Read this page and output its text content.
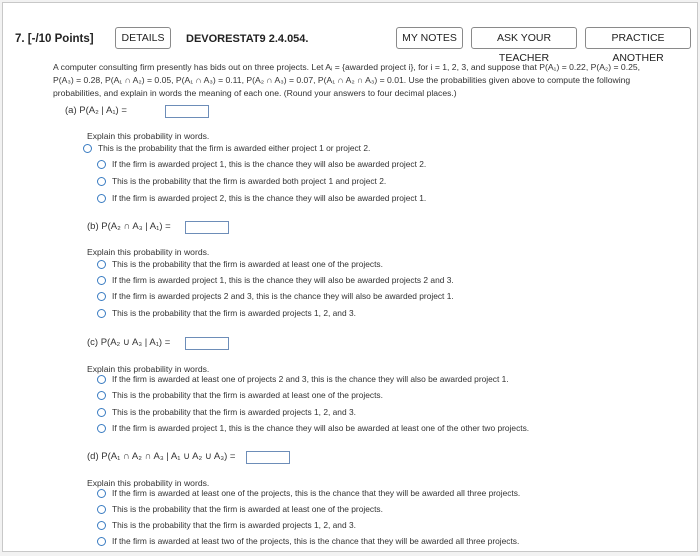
7. [-/10 Points]	DETAILS	DEVORESTAT9 2.4.054.	MY NOTES	ASK YOUR TEACHER
PRACTICE ANOTHER
A computer consulting firm presently has bids out on three projects. Let Aᵢ = {awarded project i}, for i = 1, 2, 3, and suppose that P(A₁) = 0.22, P(A₂) = 0.25,
P(A₃) = 0.28, P(A₁ ∩ A₂) = 0.05, P(A₁ ∩ A₃) = 0.11, P(A₂ ∩ A₃) = 0.07, P(A₁ ∩ A₂ ∩ A₃) = 0.01. Use the probabilities given above to compute the following
probabilities, and explain in words the meaning of each one. (Round your answers to four decimal places.)
(a) P(A₂ | A₁) =
Explain this probability in words.
This is the probability that the firm is awarded either project 1 or project 2.
If the firm is awarded project 1, this is the chance they will also be awarded project 2.
This is the probability that the firm is awarded both project 1 and project 2.
If the firm is awarded project 2, this is the chance they will also be awarded project 1.
(b) P(A₂ ∩ A₃ | A₁) =
Explain this probability in words.
This is the probability that the firm is awarded at least one of the projects.
If the firm is awarded project 1, this is the chance they will also be awarded projects 2 and 3.
If the firm is awarded projects 2 and 3, this is the chance they will also be awarded project 1.
This is the probability that the firm is awarded projects 1, 2, and 3.
(c) P(A₂ ∪ A₃ | A₁) =
Explain this probability in words.
If the firm is awarded at least one of projects 2 and 3, this is the chance they will also be awarded project 1.
This is the probability that the firm is awarded at least one of the projects.
This is the probability that the firm is awarded projects 1, 2, and 3.
If the firm is awarded project 1, this is the chance they will also be awarded at least one of the other two projects.
(d) P(A₁ ∩ A₂ ∩ A₃ | A₁ ∪ A₂ ∪ A₃) =
Explain this probability in words.
If the firm is awarded at least one of the projects, this is the chance that they will be awarded all three projects.
This is the probability that the firm is awarded at least one of the projects.
This is the probability that the firm is awarded projects 1, 2, and 3.
If the firm is awarded at least two of the projects, this is the chance that they will be awarded all three projects.
